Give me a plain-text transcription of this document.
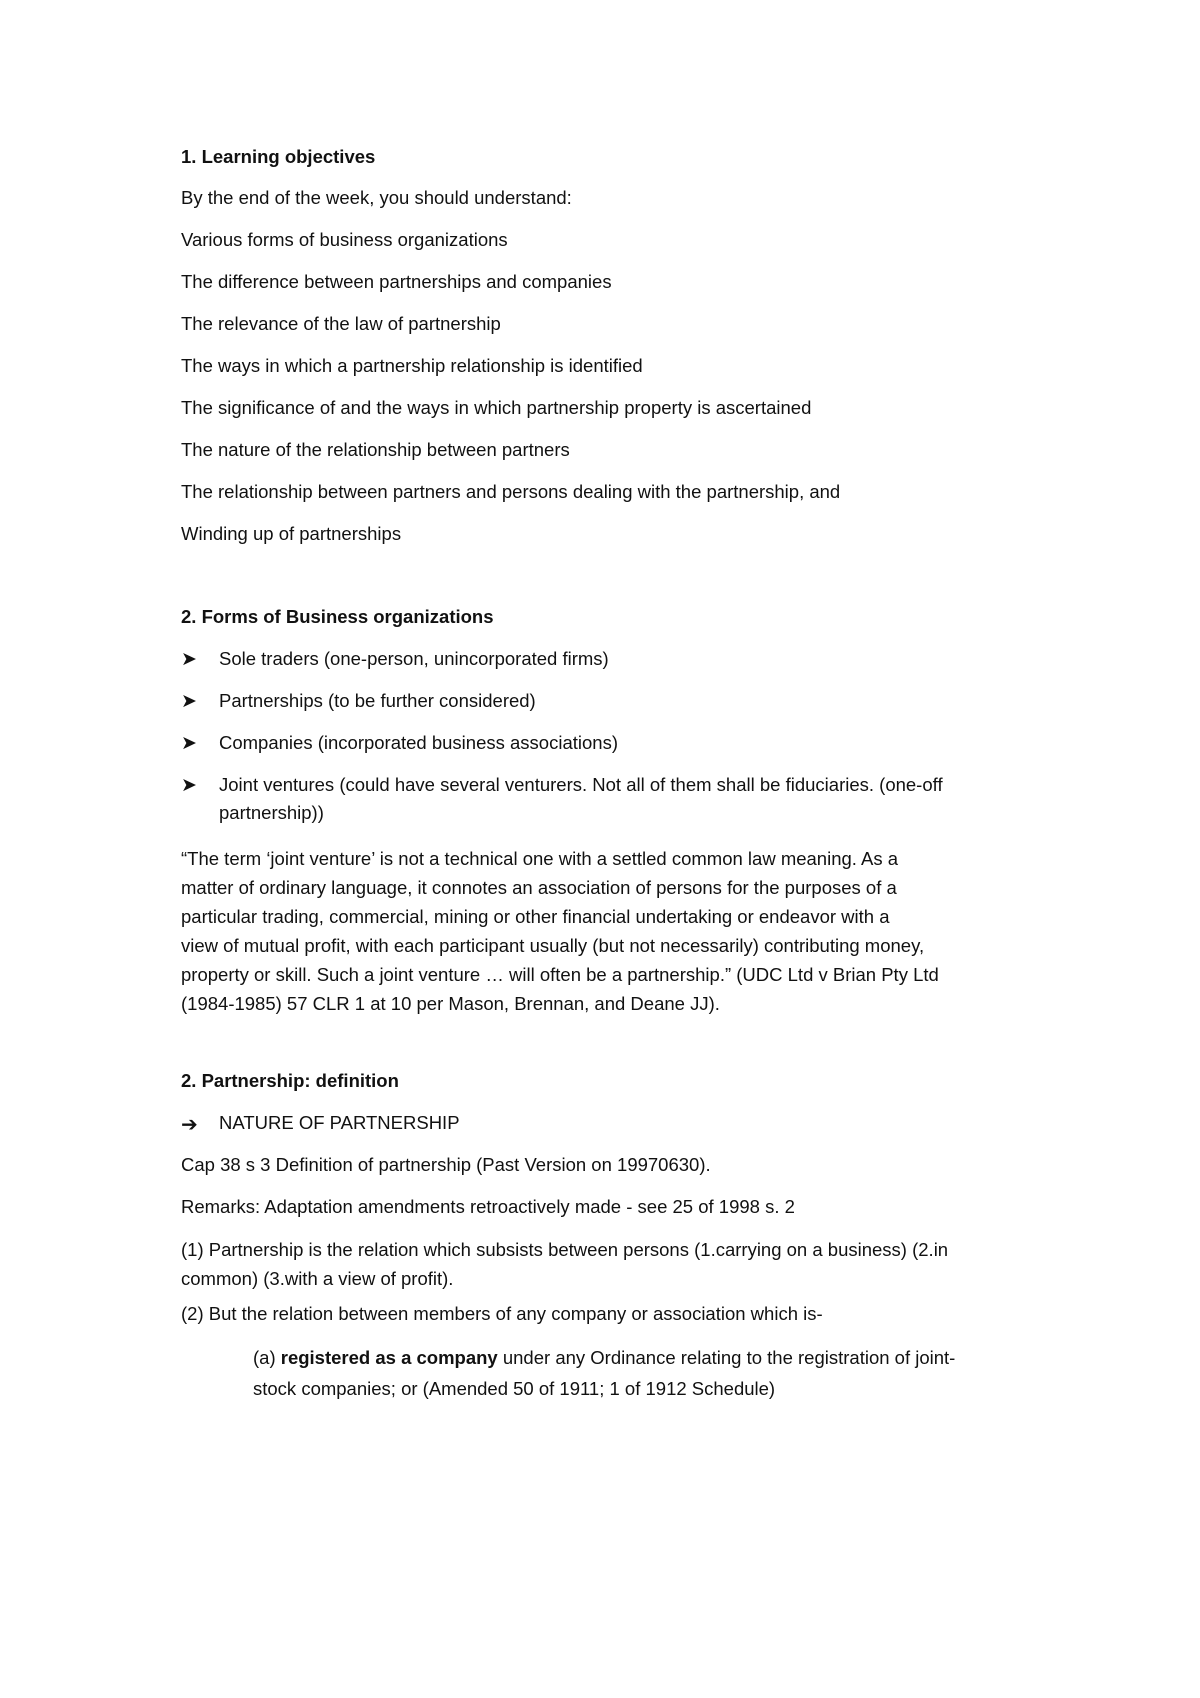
1. Learning objectives
By the end of the week, you should understand:
Various forms of business organizations
The difference between partnerships and companies
The relevance of the law of partnership
The ways in which a partnership relationship is identified
The significance of and the ways in which partnership property is ascertained
The nature of the relationship between partners
The relationship between partners and persons dealing with the partnership, and
Winding up of partnerships
2. Forms of Business organizations
➤ Sole traders (one-person, unincorporated firms)
➤ Partnerships (to be further considered)
➤ Companies (incorporated business associations)
➤ Joint ventures (could have several venturers. Not all of them shall be fiduciaries. (one-off
partnership))
“The term ‘joint venture’ is not a technical one with a settled common law meaning. As a
matter of ordinary language, it connotes an association of persons for the purposes of a
particular trading, commercial, mining or other financial undertaking or endeavor with a
view of mutual profit, with each participant usually (but not necessarily) contributing money,
property or skill. Such a joint venture … will often be a partnership.” (UDC Ltd v Brian Pty Ltd
(1984-1985) 57 CLR 1 at 10 per Mason, Brennan, and Deane JJ).
2. Partnership: definition
➔ NATURE OF PARTNERSHIP
Cap 38 s 3 Definition of partnership (Past Version on 19970630).
Remarks: Adaptation amendments retroactively made - see 25 of 1998 s. 2
(1) Partnership is the relation which subsists between persons (1.carrying on a business) (2.in
common) (3.with a view of profit).
(2) But the relation between members of any company or association which is-
(a) registered as a company under any Ordinance relating to the registration of joint-
stock companies; or (Amended 50 of 1911; 1 of 1912 Schedule)
